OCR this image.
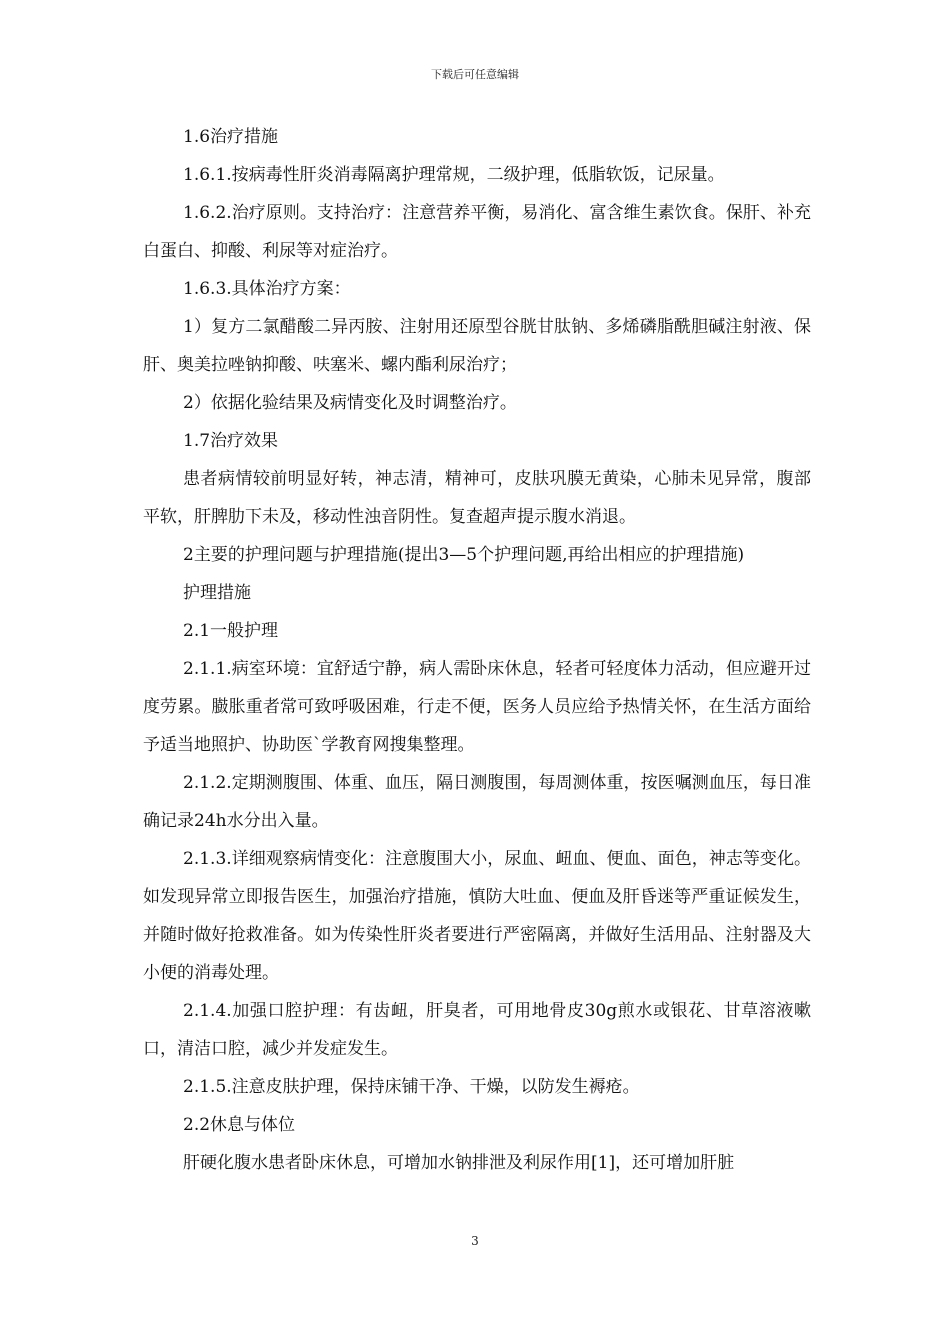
下载后可任意编辑

1.6治疗措施

1.6.1.按病毒性肝炎消毒隔离护理常规，二级护理，低脂软饭，记尿量。

1.6.2.治疗原则。支持治疗：注意营养平衡，易消化、富含维生素饮食。保肝、补充白蛋白、抑酸、利尿等对症治疗。

1.6.3.具体治疗方案：

1）复方二氯醋酸二异丙胺、注射用还原型谷胱甘肽钠、多烯磷脂酰胆碱注射液、保肝、奥美拉唑钠抑酸、呋塞米、螺内酯利尿治疗；

2）依据化验结果及病情变化及时调整治疗。

1.7治疗效果

患者病情较前明显好转，神志清，精神可，皮肤巩膜无黄染，心肺未见异常，腹部平软，肝脾肋下未及，移动性浊音阴性。复查超声提示腹水消退。

2主要的护理问题与护理措施(提出3—5个护理问题,再给出相应的护理措施)

护理措施

2.1一般护理

2.1.1.病室环境：宜舒适宁静，病人需卧床休息，轻者可轻度体力活动，但应避开过度劳累。臌胀重者常可致呼吸困难，行走不便，医务人员应给予热情关怀，在生活方面给予适当地照护、协助医`学教育网搜集整理。

2.1.2.定期测腹围、体重、血压，隔日测腹围，每周测体重，按医嘱测血压，每日准确记录24h水分出入量。

2.1.3.详细观察病情变化：注意腹围大小，尿血、衄血、便血、面色，神志等变化。如发现异常立即报告医生，加强治疗措施，慎防大吐血、便血及肝昏迷等严重证候发生，并随时做好抢救准备。如为传染性肝炎者要进行严密隔离，并做好生活用品、注射器及大小便的消毒处理。

2.1.4.加强口腔护理：有齿衄，肝臭者，可用地骨皮30g煎水或银花、甘草溶液嗽口，清洁口腔，减少并发症发生。

2.1.5.注意皮肤护理，保持床铺干净、干燥，以防发生褥疮。

2.2休息与体位

肝硬化腹水患者卧床休息，可增加水钠排泄及利尿作用[1]，还可增加肝脏

3
